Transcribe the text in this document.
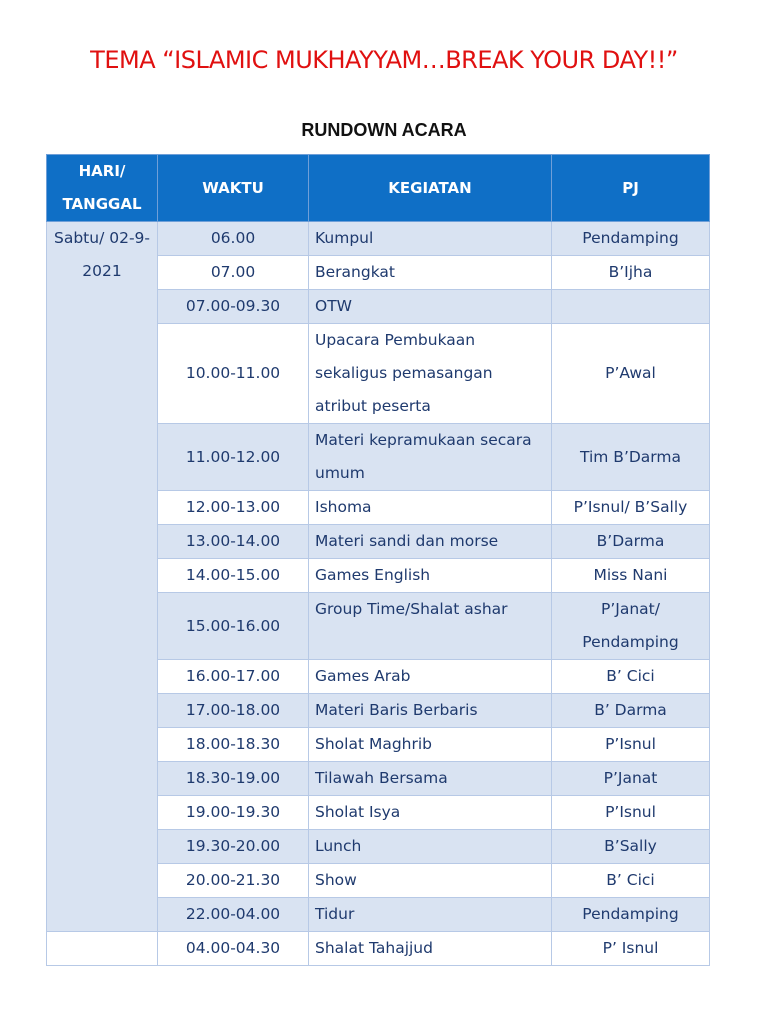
TEMA “ISLAMIC MUKHAYYAM…BREAK YOUR DAY!!”
RUNDOWN ACARA
HARI/ TANGGAL	WAKTU	KEGIATAN	PJ
Sabtu/ 02-9-2021	06.00	Kumpul	Pendamping
	07.00	Berangkat	B’Ijha
	07.00-09.30	OTW	
	10.00-11.00	Upacara Pembukaan sekaligus pemasangan atribut peserta	P’Awal
	11.00-12.00	Materi kepramukaan secara umum	Tim B’Darma
	12.00-13.00	Ishoma	P’Isnul/ B’Sally
	13.00-14.00	Materi sandi dan morse	B’Darma
	14.00-15.00	Games English	Miss Nani
	15.00-16.00	Group Time/Shalat ashar	P’Janat/ Pendamping
	16.00-17.00	Games Arab	B’ Cici
	17.00-18.00	Materi Baris Berbaris	B’ Darma
	18.00-18.30	Sholat Maghrib	P’Isnul
	18.30-19.00	Tilawah Bersama	P’Janat
	19.00-19.30	Sholat Isya	P’Isnul
	19.30-20.00	Lunch	B’Sally
	20.00-21.30	Show	B’ Cici
	22.00-04.00	Tidur	Pendamping
	04.00-04.30	Shalat Tahajjud	P’ Isnul
